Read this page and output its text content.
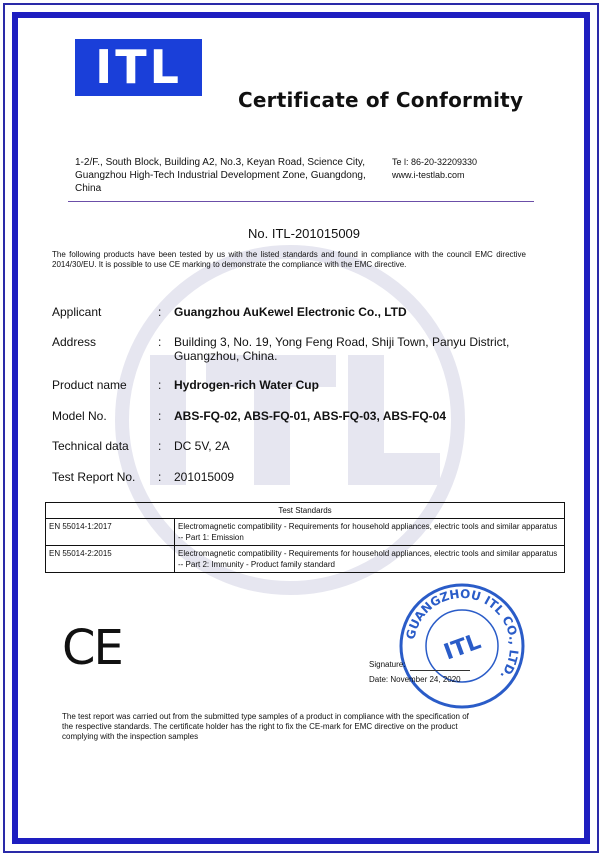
ITL
Certificate of Conformity
1-2/F., South Block, Building A2, No.3, Keyan Road, Science City,
Guangzhou High-Tech Industrial Development Zone, Guangdong,
China
Te l: 86-20-32209330
www.i-testlab.com
No. ITL-201015009
The following products have been tested by us with the listed standards and found in compliance with the council EMC directive 2014/30/EU. It is possible to use CE marking to demonstrate the compliance with the EMC directive.
Applicant	: Guangzhou AuKewel Electronic Co., LTD
Address	: Building 3, No. 19, Yong Feng Road, Shiji Town, Panyu District,
Guangzhou, China.
Product name	: Hydrogen-rich Water Cup
Model No.	: ABS-FQ-02, ABS-FQ-01, ABS-FQ-03, ABS-FQ-04
Technical data	: DC 5V, 2A
Test Report No.	: 201015009
Test Standards	
EN 55014-1:2017	Electromagnetic compatibility - Requirements for household appliances, electric tools and similar apparatus -- Part 1: Emission
EN 55014-2:2015	Electromagnetic compatibility - Requirements for household appliances, electric tools and similar apparatus -- Part 2: Immunity - Product family standard
CE	GUANGZHOU ITL CO., LTD.
ITL
Signature:
Date: November 24, 2020
The test report was carried out from the submitted type samples of a product in compliance with the specification of the respective standards. The certificate holder has the right to fix the CE-mark for EMC directive on the product complying with the inspection samples
